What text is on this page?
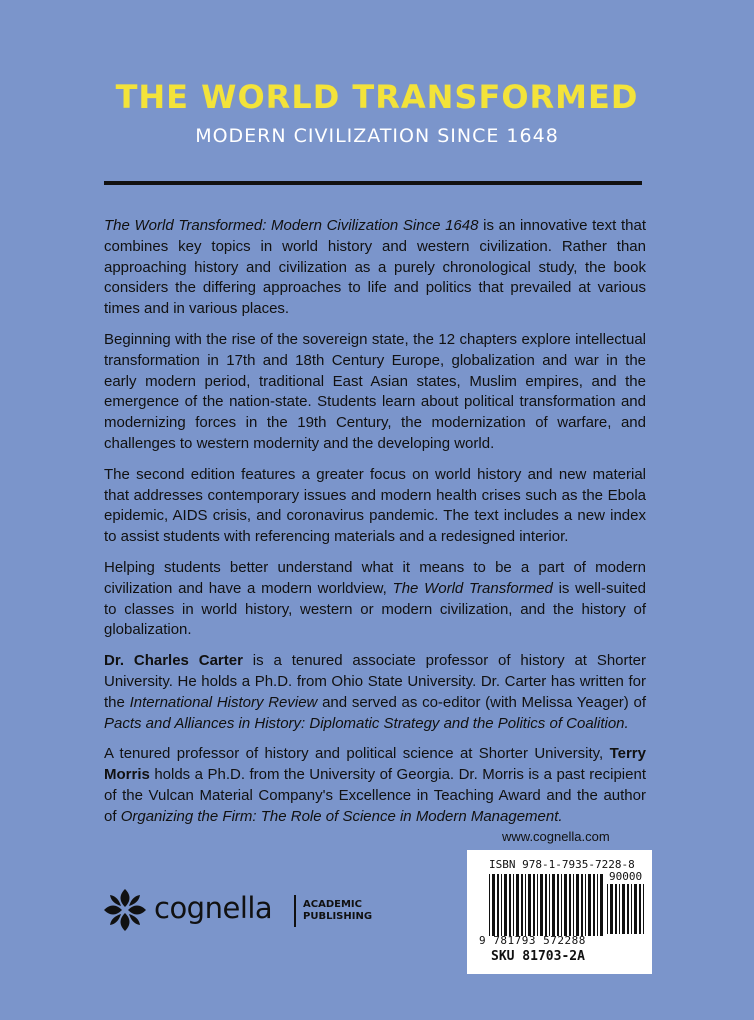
THE WORLD TRANSFORMED
MODERN CIVILIZATION SINCE 1648

The World Transformed: Modern Civilization Since 1648 is an innovative text that combines key topics in world history and western civilization. Rather than approaching history and civilization as a purely chronological study, the book considers the differing approaches to life and politics that prevailed at various times and in various places.

Beginning with the rise of the sovereign state, the 12 chapters explore intellectual transformation in 17th and 18th Century Europe, globalization and war in the early modern period, traditional East Asian states, Muslim empires, and the emergence of the nation-state. Students learn about political transformation and modernizing forces in the 19th Century, the modernization of warfare, and challenges to western modernity and the developing world.

The second edition features a greater focus on world history and new material that addresses contemporary issues and modern health crises such as the Ebola epidemic, AIDS crisis, and coronavirus pandemic. The text includes a new index to assist students with referencing materials and a redesigned interior.

Helping students better understand what it means to be a part of modern civilization and have a modern worldview, The World Transformed is well-suited to classes in world history, western or modern civilization, and the history of globalization.

Dr. Charles Carter is a tenured associate professor of history at Shorter University. He holds a Ph.D. from Ohio State University. Dr. Carter has written for the International History Review and served as co-editor (with Melissa Yeager) of Pacts and Alliances in History: Diplomatic Strategy and the Politics of Coalition.

A tenured professor of history and political science at Shorter University, Terry Morris holds a Ph.D. from the University of Georgia. Dr. Morris is a past recipient of the Vulcan Material Company's Excellence in Teaching Award and the author of Organizing the Firm: The Role of Science in Modern Management.

www.cognella.com
cognella	ACADEMIC
PUBLISHING
ISBN 978-1-7935-7228-8
90000
9 781793 572288
SKU 81703-2A
